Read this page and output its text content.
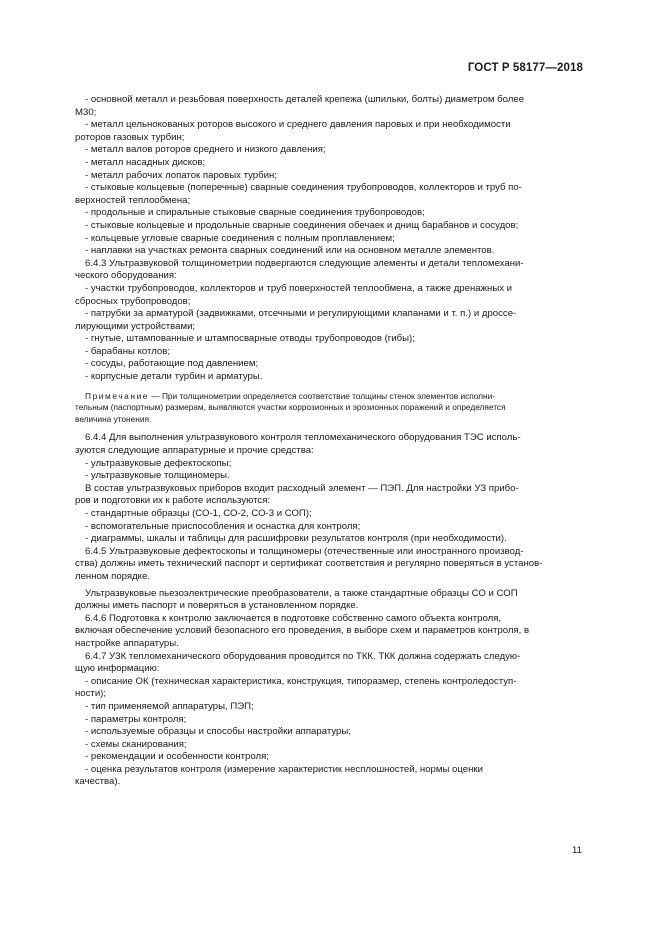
ГОСТ Р 58177—2018

- основной металл и резьбовая поверхность деталей крепежа (шпильки, болты) диаметром более

М30;

- металл цельнокованых роторов высокого и среднего давления паровых и при необходимости

роторов газовых турбин;

- металл валов роторов среднего и низкого давления;

- металл насадных дисков;

- металл рабочих лопаток паровых турбин;

- стыковые кольцевые (поперечные) сварные соединения трубопроводов, коллекторов и труб по-

верхностей теплообмена;

- продольные и спиральные стыковые сварные соединения трубопроводов;

- стыковые кольцевые и продольные сварные соединения обечаек и днищ барабанов и сосудов;

- кольцевые угловые сварные соединения с полным проплавлением;

- наплавки на участках ремонта сварных соединений или на основном металле элементов.

6.4.3 Ультразвуковой толщинометрии подвергаются следующие элементы и детали тепломехани-

ческого оборудования:

- участки трубопроводов, коллекторов и труб поверхностей теплообмена, а также дренажных и

сбросных трубопроводов;

- патрубки за арматурой (задвижками, отсечными и регулирующими клапанами и т. п.) и дроссе-

лирующими устройствами;

- гнутые, штампованные и штампосварные отводы трубопроводов (гибы);

- барабаны котлов;

- сосуды, работающие под давлением;

- корпусные детали турбин и арматуры.

Примечание — При толщинометрии определяется соответствие толщины стенок элементов исполни-

тельным (паспортным) размерам, выявляются участки коррозионных и эрозионных поражений и определяется

величина утонения.

6.4.4 Для выполнения ультразвукового контроля тепломеханического оборудования ТЭС исполь-

зуются следующие аппаратурные и прочие средства:

- ультразвуковые дефектоскопы;

- ультразвуковые толщиномеры.

В состав ультразвуковых приборов входит расходный элемент — ПЭП. Для настройки УЗ прибо-

ров и подготовки их к работе используются:

- стандартные образцы (СО-1, СО-2, СО-3 и СОП);

- вспомогательные приспособления и оснастка для контроля;

- диаграммы, шкалы и таблицы для расшифровки результатов контроля (при необходимости).

6.4.5 Ультразвуковые дефектоскопы и толщиномеры (отечественные или иностранного производ-

ства) должны иметь технический паспорт и сертификат соответствия и регулярно поверяться в установ-

ленном порядке.

Ультразвуковые пьезоэлектрические преобразователи, а также стандартные образцы СО и СОП

должны иметь паспорт и поверяться в установленном порядке.

6.4.6 Подготовка к контролю заключается в подготовке собственно самого объекта контроля,

включая обеспечение условий безопасного его проведения, в выборе схем и параметров контроля, в

настройке аппаратуры.

6.4.7 УЗК тепломеханического оборудования проводится по ТКК. ТКК должна содержать следую-

щую информацию:

- описание ОК (техническая характеристика, конструкция, типоразмер, степень контроледоступ-

ности);

- тип применяемой аппаратуры, ПЭП;

- параметры контроля;

- используемые образцы и способы настройки аппаратуры;

- схемы сканирования;

- рекомендации и особенности контроля;

- оценка результатов контроля (измерение характеристик несплошностей, нормы оценки

качества).

11
